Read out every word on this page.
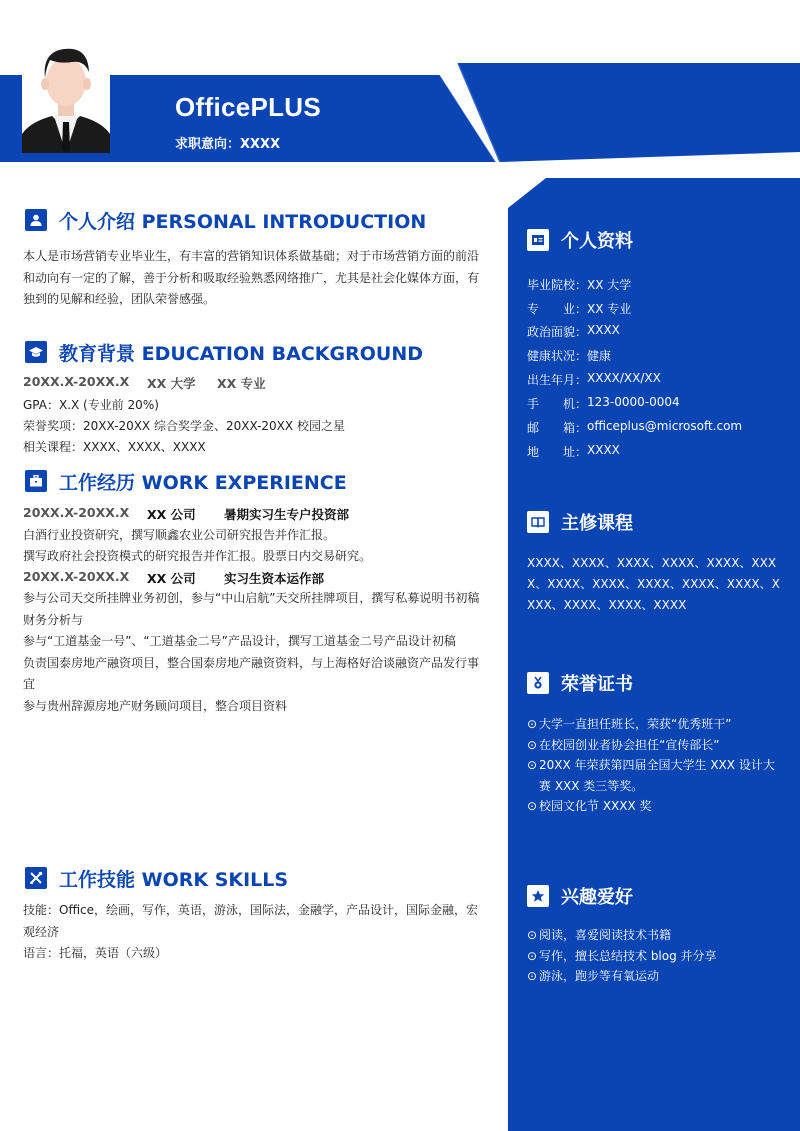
OfficePLUS
求职意向：XXXX
个人资料
毕业院校： XX 大学
专　　业： XX 专业
政治面貌： XXXX
健康状况： 健康
出生年月： XXXX/XX/XX
手　　机： 123-0000-0004
邮　　箱： officeplus@microsoft.com
地　　址： XXXX
主修课程
XXXX、XXXX、XXXX、XXXX、XXXX、XXXX、XXXX、XXXX、XXXX、XXXX、XXXX、XXXX、XXXX、XXXX、XXXX
荣誉证书
⊙ 大学一直担任班长，荣获“优秀班干”
⊙ 在校园创业者协会担任“宣传部长”
⊙ 20XX 年荣获第四届全国大学生 XXX 设计大赛 XXX 类三等奖。
⊙ 校园文化节 XXXX 奖
兴趣爱好
⊙ 阅读，喜爱阅读技术书籍
⊙ 写作，擅长总结技术 blog 并分享
⊙ 游泳，跑步等有氧运动
个人介绍 PERSONAL INTRODUCTION
本人是市场营销专业毕业生，有丰富的营销知识体系做基础；对于市场营销方面的前沿和动向有一定的了解，善于分析和吸取经验熟悉网络推广，尤其是社会化媒体方面，有独到的见解和经验，团队荣誉感强。
教育背景 EDUCATION BACKGROUND
20XX.X-20XX.X XX 大学 XX 专业
GPA：X.X (专业前 20%)
荣誉奖项：20XX-20XX 综合奖学金、20XX-20XX 校园之星
相关课程：XXXX、XXXX、XXXX
工作经历 WORK EXPERIENCE
20XX.X-20XX.X XX 公司 暑期实习生专户投资部
白酒行业投资研究，撰写顺鑫农业公司研究报告并作汇报。
撰写政府社会投资模式的研究报告并作汇报。股票日内交易研究。
20XX.X-20XX.X XX 公司 实习生资本运作部
参与公司天交所挂牌业务初创，参与“中山启航”天交所挂牌项目，撰写私募说明书初稿财务分析与
参与“工道基金一号”、“工道基金二号”产品设计，撰写工道基金二号产品设计初稿
负责国泰房地产融资项目，整合国泰房地产融资资料，与上海格好洽谈融资产品发行事宜
参与贵州辞源房地产财务顾问项目，整合项目资料
工作技能 WORK SKILLS
技能：Office，绘画，写作，英语，游泳，国际法，金融学，产品设计，国际金融，宏观经济
语言：托福，英语（六级）
